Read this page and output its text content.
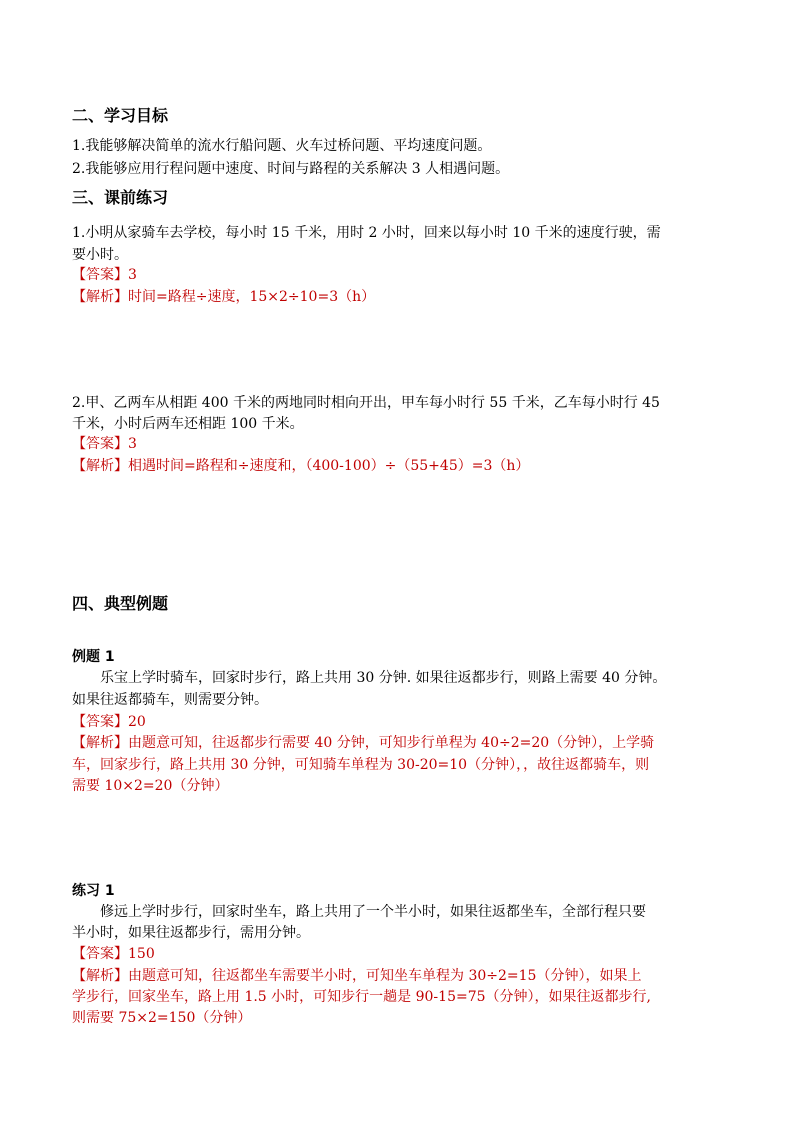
二、学习目标
1.我能够解决简单的流水行船问题、火车过桥问题、平均速度问题。
2.我能够应用行程问题中速度、时间与路程的关系解决 3 人相遇问题。
三、课前练习
1.小明从家骑车去学校，每小时 15 千米，用时 2 小时，回来以每小时 10 千米的速度行驶，需
要小时。
【答案】3
【解析】时间=路程÷速度，15×2÷10=3（h）
2.甲、乙两车从相距 400 千米的两地同时相向开出，甲车每小时行 55 千米，乙车每小时行 45
千米，小时后两车还相距 100 千米。
【答案】3
【解析】相遇时间=路程和÷速度和，（400-100）÷（55+45）=3（h）
四、典型例题
例题 1
乐宝上学时骑车，回家时步行，路上共用 30 分钟. 如果往返都步行，则路上需要 40 分钟。
如果往返都骑车，则需要分钟。
【答案】20
【解析】由题意可知，往返都步行需要 40 分钟，可知步行单程为 40÷2=20（分钟），上学骑
车，回家步行，路上共用 30 分钟，可知骑车单程为 30-20=10（分钟），，故往返都骑车，则
需要 10×2=20（分钟）
练习 1
修远上学时步行，回家时坐车，路上共用了一个半小时，如果往返都坐车，全部行程只要
半小时，如果往返都步行，需用分钟。
【答案】150
【解析】由题意可知，往返都坐车需要半小时，可知坐车单程为 30÷2=15（分钟），如果上
学步行，回家坐车，路上用 1.5 小时，可知步行一趟是 90-15=75（分钟），如果往返都步行,
则需要 75×2=150（分钟）
